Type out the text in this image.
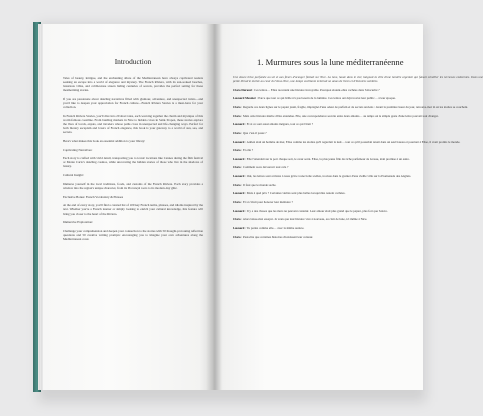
Introduction

Tales of beauty, intrigue, and the enchanting allure of the Mediterranean have always captivated readers seeking an escape into a world of elegance and mystery. The French Riviera, with its sun-soaked beaches, luxurious villas, and cobblestone streets hiding centuries of secrets, provides the perfect setting for these mesmerizing stories.

If you are passionate about dazzling narratives filled with glamour, adventure, and unexpected twists—and you'd like to deepen your appreciation for French culture—French Riviera Stories is a must-have for your collection.

In French Riviera Stories, you'll dive into 20 short tales, each weaving together the charm and mystique of this world-famous coastline. From bustling markets in Nice to hidden coves in Saint-Tropez, these stories explore the lives of locals, expats, and travelers whose paths cross in unexpected and life-changing ways. Perfect for both literary escapism and lovers of French elegance, this book is your gateway to a world of sun, sea, and secrets.

Here's what makes this book an essential addition to your library:

Captivating Narratives:

Each story is crafted with vivid detail, transporting you to iconic locations like Cannes during the film festival or Monte Carlo's dazzling casinos, while uncovering the hidden stories of those who live in the shadows of luxury.

Cultural Insight:

Immerse yourself in the local traditions, foods, and customs of the French Riviera. Each story provides a window into the region's unique character, from its Provençal roots to its modern-day glitz.

Exclusive Bonus: French Vocabulary & Phrases

At the end of every story, you'll find a curated list of 100 key French terms, phrases, and idioms inspired by the text. Whether you're a French learner or simply looking to enrich your cultural knowledge, this feature will bring you closer to the heart of the Riviera.

Immersive Exploration:

Challenge your comprehension and deepen your connection to the stories with 50 thought-provoking reflection questions and 50 creative writing prompts: encouraging you to imagine your own adventures along the Mediterranean coast.

1. Murmures sous la lune méditerranéenne

Une douce brise parfumée au sel et aux fleurs d'oranger flottait sur Nice. La lune, haute dans le ciel, baignait la ville d'une lumière argentée qui faisait scintiller les terrasses endormies. Dans une petite librairie nichée au cœur du Vieux-Nice, une lampe vacillante éclairait un amas de livres et d'histoires oubliées.

Clara Durand : Ces lettres… Elles racontent une histoire incroyable. Pourquoi étaient-elles cachées dans l'obscurité ?

Léonard Mesnier : Parce que tout ce qui brille n'a pas besoin de la lumière. Ces lettres ont déjà trouvé leur public… à leur époque.

Clara : Regarde ces deux lignes sur le papier jauni, fragile, imprégné d'une odeur de parfum et de secrets anciens : Avant la première lueur du jour, retrouve-moi là où les étoiles se couchent.

Clara : Mais cette histoire mérite d'être entendue. Elle, une correspondance secrète entre deux amants… au temps où le simple geste d'une lettre pouvait tout changer.

Léonard : Et si ce sont aussi amants inégaux, tout ce qui l'était ?

Clara : Que c'est-il passé ?

Léonard : Adrien était un homme de mer, Elise comme les étoiles qu'il regardait la nuit… tout ce qu'il possédait tenait dans un seul bateau et pourtant à Elise, il avait promis le monde.

Clara : Et elle ?

Léonard : Elle l'attendait sur le port chaque soir, le cœur serré. Elise, la plus jeune fille du riche parfumeur de Grasse, était promise à un autre.

Clara : Comment as-tu découvert tout cela ?

Léonard : Oui, les lettres sont arrivées à nous grâce à une boîte scellée, trouvée dans le grenier d'une vieille villa sur la Promenade des Anglais.

Clara : Il faut que le monde sache.

Léonard : Mais à quel prix ? Certaines vérités sont plus belles lorsqu'elles restent cachées.

Clara : Et si c'était pour honorer leur mémoire ?

Léonard : Il y a des choses que les mots ne peuvent contenir. Leur amour était plus grand que le papier, plus fort que l'encre.

Clara : Alors laisse-moi essayer. Je veux que leur histoire vive à nouveau, au clair de lune, ici même à Nice.

Léonard : Tu parles comme elle… avec la même audace.

Clara : Peut-être que certaines histoires choisissent leur conteur.
